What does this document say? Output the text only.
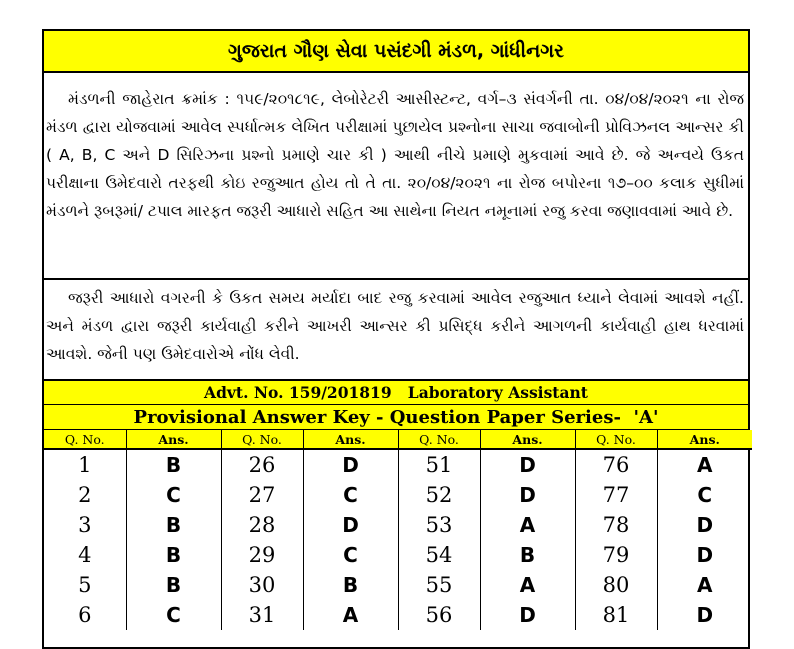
ગુજરાત ગૌણ સેવા પસંદગી મંડળ, ગાંધીનગર
મંડળની જાહેરાત ક્રમાંક : ૧૫૯/૨૦૧૮૧૯, લેબોરેટરી આસીસ્ટન્ટ, વર્ગ–૩ સંવર્ગની તા. ૦૪/૦૪/૨૦૨૧ ના રોજ મંડળ દ્વારા યોજવામાં આવેલ સ્પર્ધાત્મક લેખિત પરીક્ષામાં પુછાયેલ પ્રશ્નોના સાચા જવાબોની પ્રોવિઝનલ આન્સર કી ( A, B, C અને D સિરિઝના પ્રશ્નો પ્રમાણે ચાર કી ) આથી નીચે પ્રમાણે મુકવામાં આવે છે. જે અન્વયે ઉકત પરીક્ષાના ઉમેદવારો તરફથી કોઇ રજુઆત હોય તો તે તા. ૨૦/૦૪/૨૦૨૧ ના રોજ બપોરના ૧૭–૦૦ કલાક સુધીમાં મંડળને રૂબરૂમાં/ ટપાલ મારફત જરૂરી આધારો સહિત આ સાથેના નિયત નમૂનામાં રજુ કરવા જણાવવામાં આવે છે.
જરૂરી આધારો વગરની કે ઉકત સમય મર્યાદા બાદ રજુ કરવામાં આવેલ રજુઆત ધ્યાને લેવામાં આવશે નહીં. અને મંડળ દ્વારા જરૂરી કાર્યવાહી કરીને આખરી આન્સર કી પ્રસિદ્ધ કરીને આગળની કાર્યવાહી હાથ ધરવામાં આવશે. જેની પણ ઉમેદવારોએ નોંધ લેવી.
Advt. No. 159/201819   Laboratory Assistant
Provisional Answer Key - Question Paper Series-  'A'
Q. No.	Ans.	Q. No.	Ans.	Q. No.	Ans.	Q. No.	Ans.
1	B	26	D	51	D	76	A
2	C	27	C	52	D	77	C
3	B	28	D	53	A	78	D
4	B	29	C	54	B	79	D
5	B	30	B	55	A	80	A
6	C	31	A	56	D	81	D
